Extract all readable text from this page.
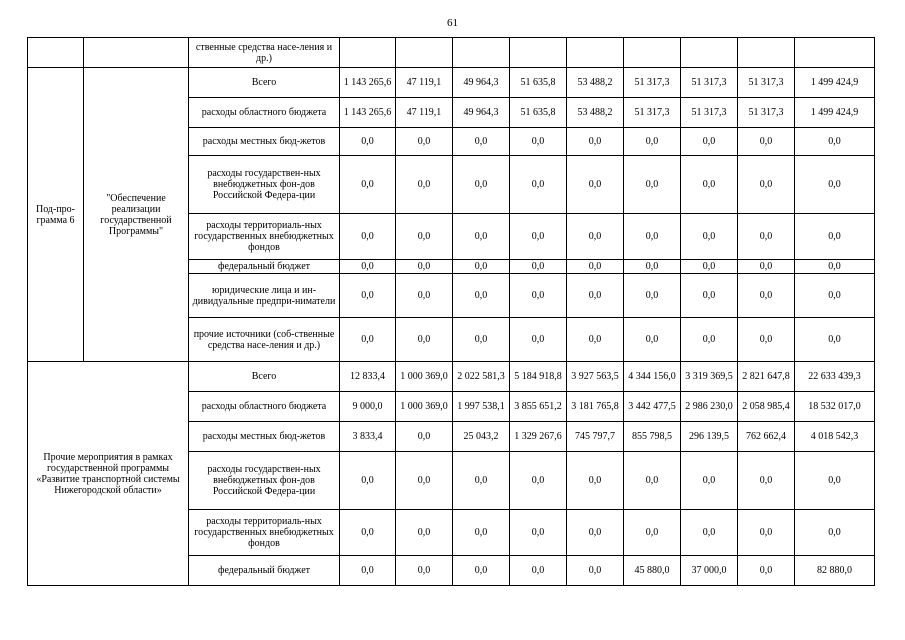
61
		ственные средства насе-ления и др.)									
Под-про-грамма 6	"Обеспечение реализации государственной Программы"	Всего	1 143 265,6	47 119,1	49 964,3	51 635,8	53 488,2	51 317,3	51 317,3	51 317,3	1 499 424,9
		расходы областного бюджета	1 143 265,6	47 119,1	49 964,3	51 635,8	53 488,2	51 317,3	51 317,3	51 317,3	1 499 424,9
		расходы местных бюд-жетов	0,0	0,0	0,0	0,0	0,0	0,0	0,0	0,0	0,0
		расходы государствен-ных внебюджетных фон-дов Российской Федера-ции	0,0	0,0	0,0	0,0	0,0	0,0	0,0	0,0	0,0
		расходы территориаль-ных государственных внебюджетных фондов	0,0	0,0	0,0	0,0	0,0	0,0	0,0	0,0	0,0
		федеральный бюджет	0,0	0,0	0,0	0,0	0,0	0,0	0,0	0,0	0,0
		юридические лица и ин-дивидуальные предпри-ниматели	0,0	0,0	0,0	0,0	0,0	0,0	0,0	0,0	0,0
		прочие источники (соб-ственные средства насе-ления и др.)	0,0	0,0	0,0	0,0	0,0	0,0	0,0	0,0	0,0
Прочие мероприятия в рамках государственной программы «Развитие транспортной системы Нижегородской области»		Всего	12 833,4	1 000 369,0	2 022 581,3	5 184 918,8	3 927 563,5	4 344 156,0	3 319 369,5	2 821 647,8	22 633 439,3
		расходы областного бюджета	9 000,0	1 000 369,0	1 997 538,1	3 855 651,2	3 181 765,8	3 442 477,5	2 986 230,0	2 058 985,4	18 532 017,0
		расходы местных бюд-жетов	3 833,4	0,0	25 043,2	1 329 267,6	745 797,7	855 798,5	296 139,5	762 662,4	4 018 542,3
		расходы государствен-ных внебюджетных фон-дов Российской Федера-ции	0,0	0,0	0,0	0,0	0,0	0,0	0,0	0,0	0,0
		расходы территориаль-ных государственных внебюджетных фондов	0,0	0,0	0,0	0,0	0,0	0,0	0,0	0,0	0,0
		федеральный бюджет	0,0	0,0	0,0	0,0	0,0	45 880,0	37 000,0	0,0	82 880,0
